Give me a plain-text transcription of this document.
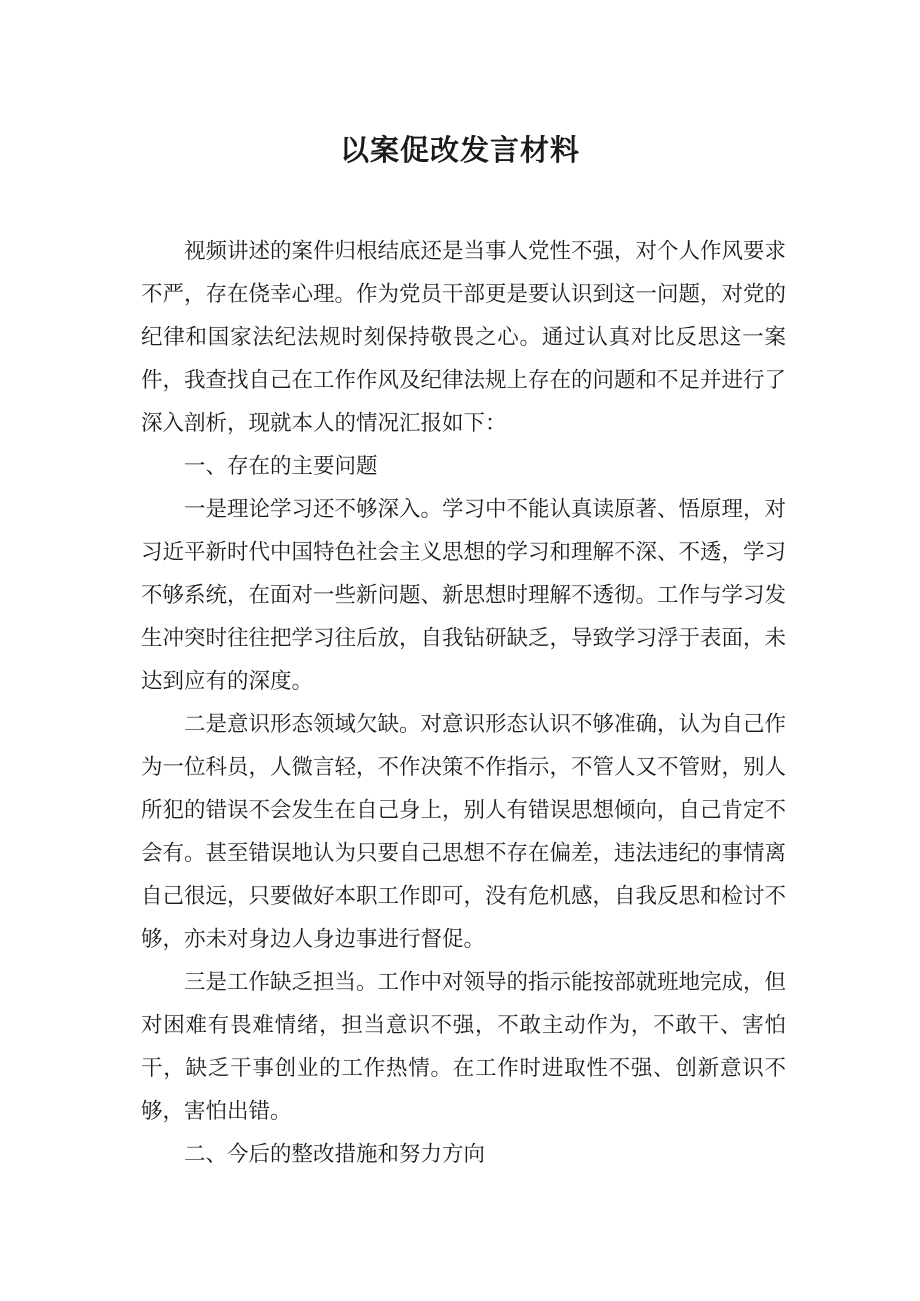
以案促改发言材料

视频讲述的案件归根结底还是当事人党性不强，对个人作风要求不严，存在侥幸心理。作为党员干部更是要认识到这一问题，对党的纪律和国家法纪法规时刻保持敬畏之心。通过认真对比反思这一案件，我查找自己在工作作风及纪律法规上存在的问题和不足并进行了深入剖析，现就本人的情况汇报如下：

一、存在的主要问题

一是理论学习还不够深入。学习中不能认真读原著、悟原理，对习近平新时代中国特色社会主义思想的学习和理解不深、不透，学习不够系统，在面对一些新问题、新思想时理解不透彻。工作与学习发生冲突时往往把学习往后放，自我钻研缺乏，导致学习浮于表面，未达到应有的深度。

二是意识形态领域欠缺。对意识形态认识不够准确，认为自己作为一位科员，人微言轻，不作决策不作指示，不管人又不管财，别人所犯的错误不会发生在自己身上，别人有错误思想倾向，自己肯定不会有。甚至错误地认为只要自己思想不存在偏差，违法违纪的事情离自己很远，只要做好本职工作即可，没有危机感，自我反思和检讨不够，亦未对身边人身边事进行督促。

三是工作缺乏担当。工作中对领导的指示能按部就班地完成，但对困难有畏难情绪，担当意识不强，不敢主动作为，不敢干、害怕干，缺乏干事创业的工作热情。在工作时进取性不强、创新意识不够，害怕出错。

二、今后的整改措施和努力方向
